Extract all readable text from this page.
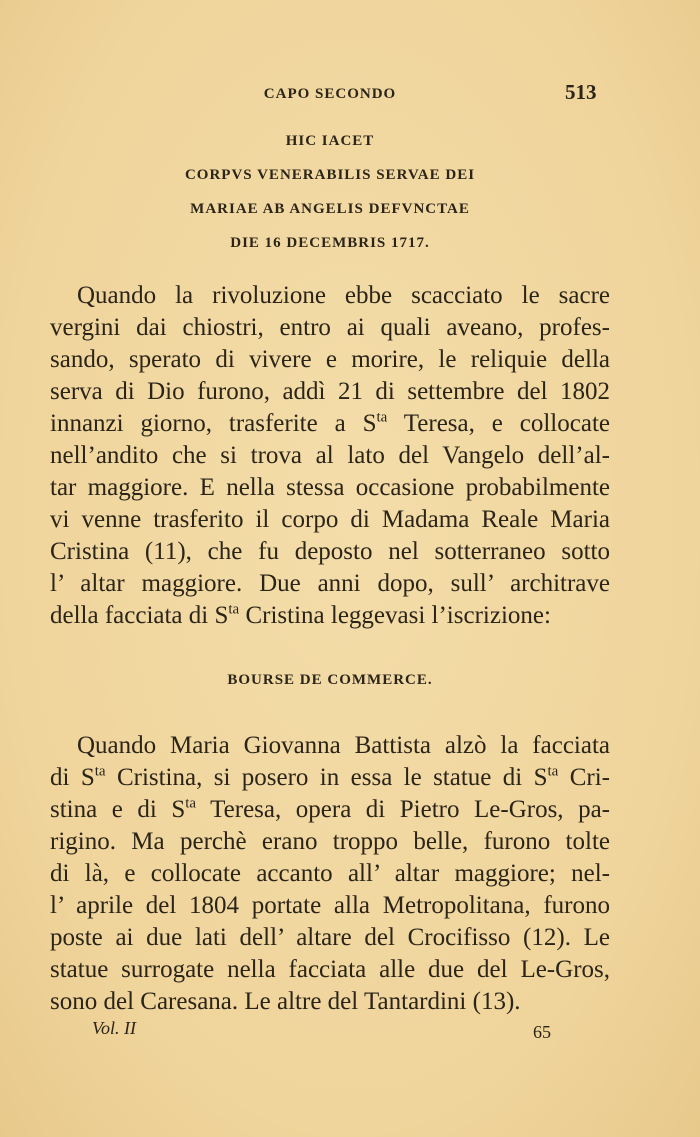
CAPO SECONDO	513
HIC IACET
CORPVS VENERABILIS SERVAE DEI
MARIAE AB ANGELIS DEFVNCTAE
DIE 16 DECEMBRIS 1717.
Quando la rivoluzione ebbe scacciato le sacre
vergini dai chiostri, entro ai quali aveano, profes-
sando, sperato di vivere e morire, le reliquie della
serva di Dio furono, addì 21 di settembre del 1802
innanzi giorno, trasferite a $S^{ta}$ Teresa, e collocate
nell’andito che si trova al lato del Vangelo dell’al-
tar maggiore. E nella stessa occasione probabilmente
vi venne trasferito il corpo di Madama Reale Maria
Cristina (11), che fu deposto nel sotterraneo sotto
l’ altar maggiore. Due anni dopo, sull’ architrave
della facciata di $S^{ta}$ Cristina leggevasi l’iscrizione:
BOURSE DE COMMERCE.
Quando Maria Giovanna Battista alzò la facciata
di $S^{ta}$ Cristina, si posero in essa le statue di $S^{ta}$ Cri-
stina e di $S^{ta}$ Teresa, opera di Pietro Le-Gros, pa-
rigino. Ma perchè erano troppo belle, furono tolte
di là, e collocate accanto all’ altar maggiore; nel-
l’ aprile del 1804 portate alla Metropolitana, furono
poste ai due lati dell’ altare del Crocifisso (12). Le
statue surrogate nella facciata alle due del Le-Gros,
sono del Caresana. Le altre del Tantardini (13).
Vol. II	65
